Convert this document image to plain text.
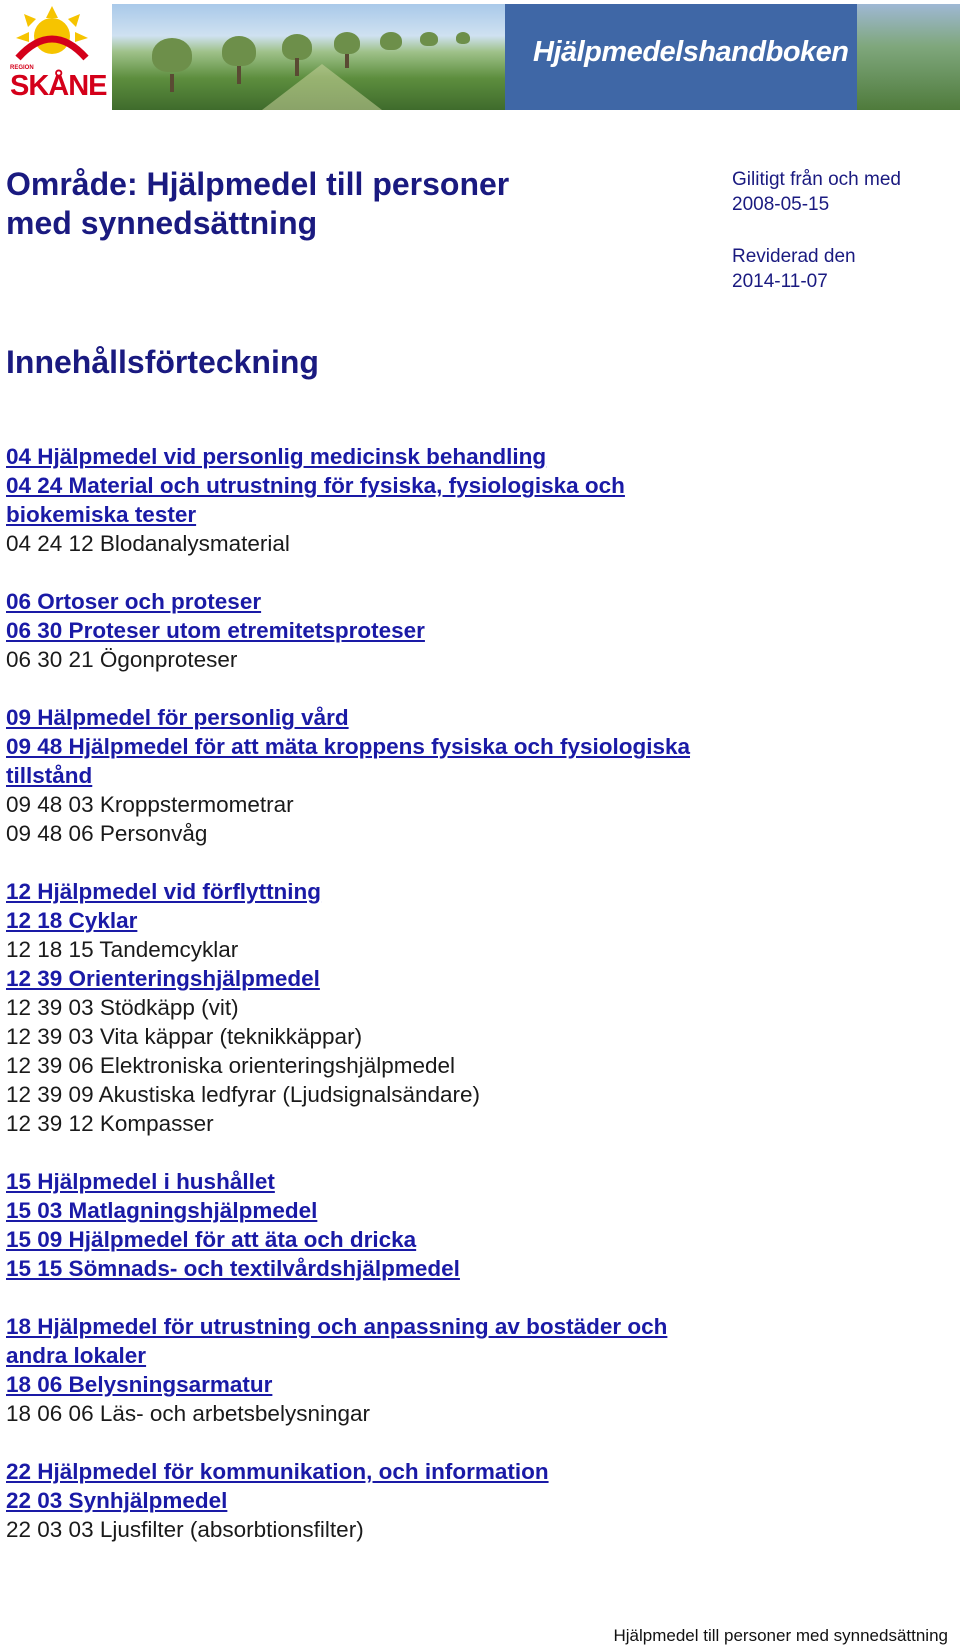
REGION
SKÅNE
Hjälpmedelshandboken
Område: Hjälpmedel till personer
med synnedsättning
Gilitigt från och med
2008-05-15
Reviderad den
2014-11-07
Innehållsförteckning
04 Hjälpmedel vid personlig medicinsk behandling
04 24 Material och utrustning för fysiska, fysiologiska och
biokemiska tester
04 24 12 Blodanalysmaterial
06 Ortoser och proteser
06 30 Proteser utom etremitetsproteser
06 30 21 Ögonproteser
09 Hälpmedel för personlig vård
09 48 Hjälpmedel för att mäta kroppens fysiska och fysiologiska
tillstånd
09 48 03 Kroppstermometrar
09 48 06 Personvåg
12 Hjälpmedel vid förflyttning
12 18 Cyklar
12 18 15 Tandemcyklar
12 39 Orienteringshjälpmedel
12 39 03 Stödkäpp (vit)
12 39 03 Vita käppar (teknikkäppar)
12 39 06 Elektroniska orienteringshjälpmedel
12 39 09 Akustiska ledfyrar (Ljudsignalsändare)
12 39 12 Kompasser
15 Hjälpmedel i hushållet
15 03 Matlagningshjälpmedel
15 09 Hjälpmedel för att äta och dricka
15 15 Sömnads- och textilvårdshjälpmedel
18 Hjälpmedel för utrustning och anpassning av bostäder och
andra lokaler
18 06 Belysningsarmatur
18 06 06 Läs- och arbetsbelysningar
22 Hjälpmedel för kommunikation, och information
22 03 Synhjälpmedel
22 03 03 Ljusfilter (absorbtionsfilter)
Hjälpmedel till personer med synnedsättning
